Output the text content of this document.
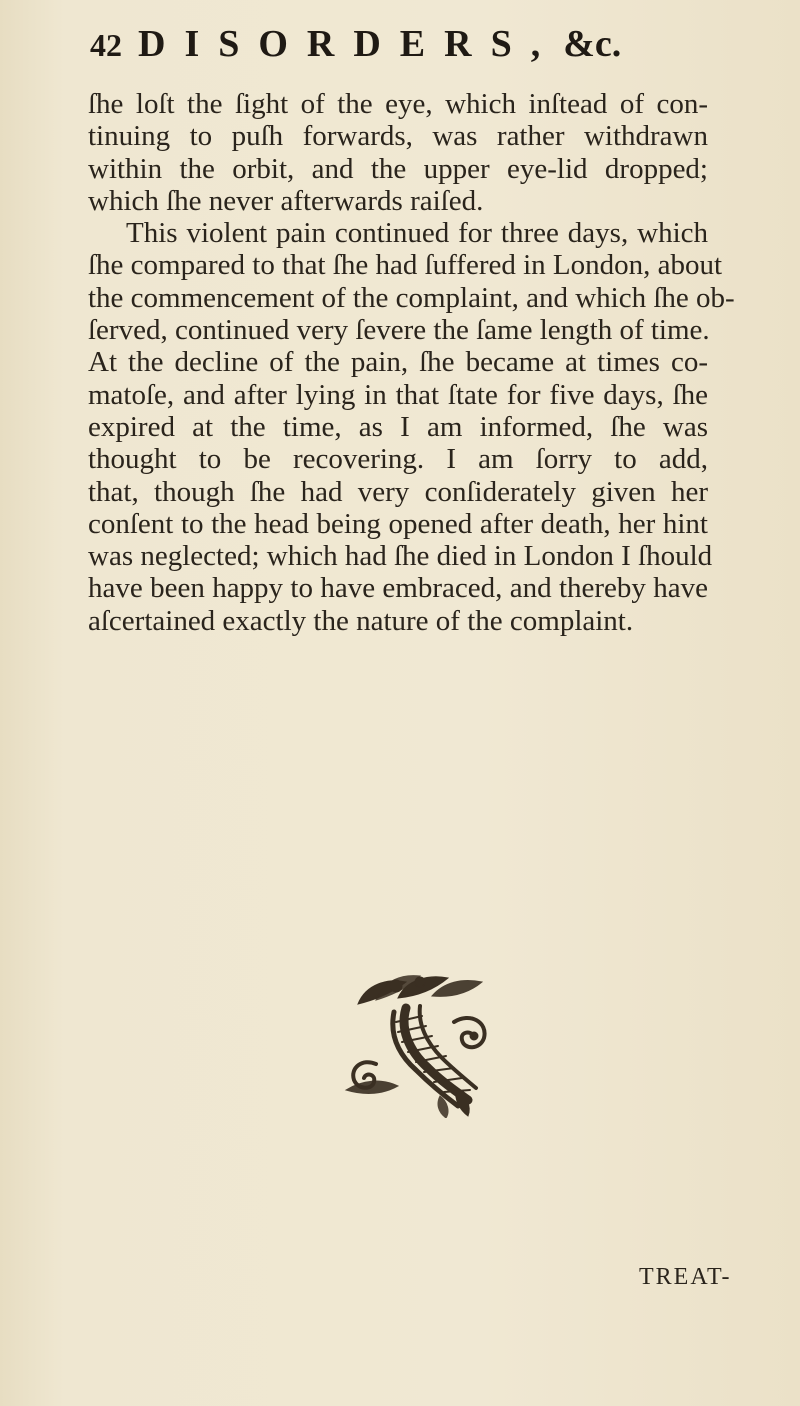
42 DISORDERS, &c.
ſhe loſt the ſight of the eye, which inſtead of con-
tinuing to puſh forwards, was rather withdrawn
within the orbit, and the upper eye-lid dropped;
which ſhe never afterwards raiſed.
This violent pain continued for three days, which
ſhe compared to that ſhe had ſuffered in London, about
the commencement of the complaint, and which ſhe ob-
ſerved, continued very ſevere the ſame length of time.
At the decline of the pain, ſhe became at times co-
matoſe, and after lying in that ſtate for five days, ſhe
expired at the time, as I am informed, ſhe was
thought to be recovering. I am ſorry to add,
that, though ſhe had very conſiderately given her
conſent to the head being opened after death, her hint
was neglected; which had ſhe died in London I ſhould
have been happy to have embraced, and thereby have
aſcertained exactly the nature of the complaint.
TREAT-
